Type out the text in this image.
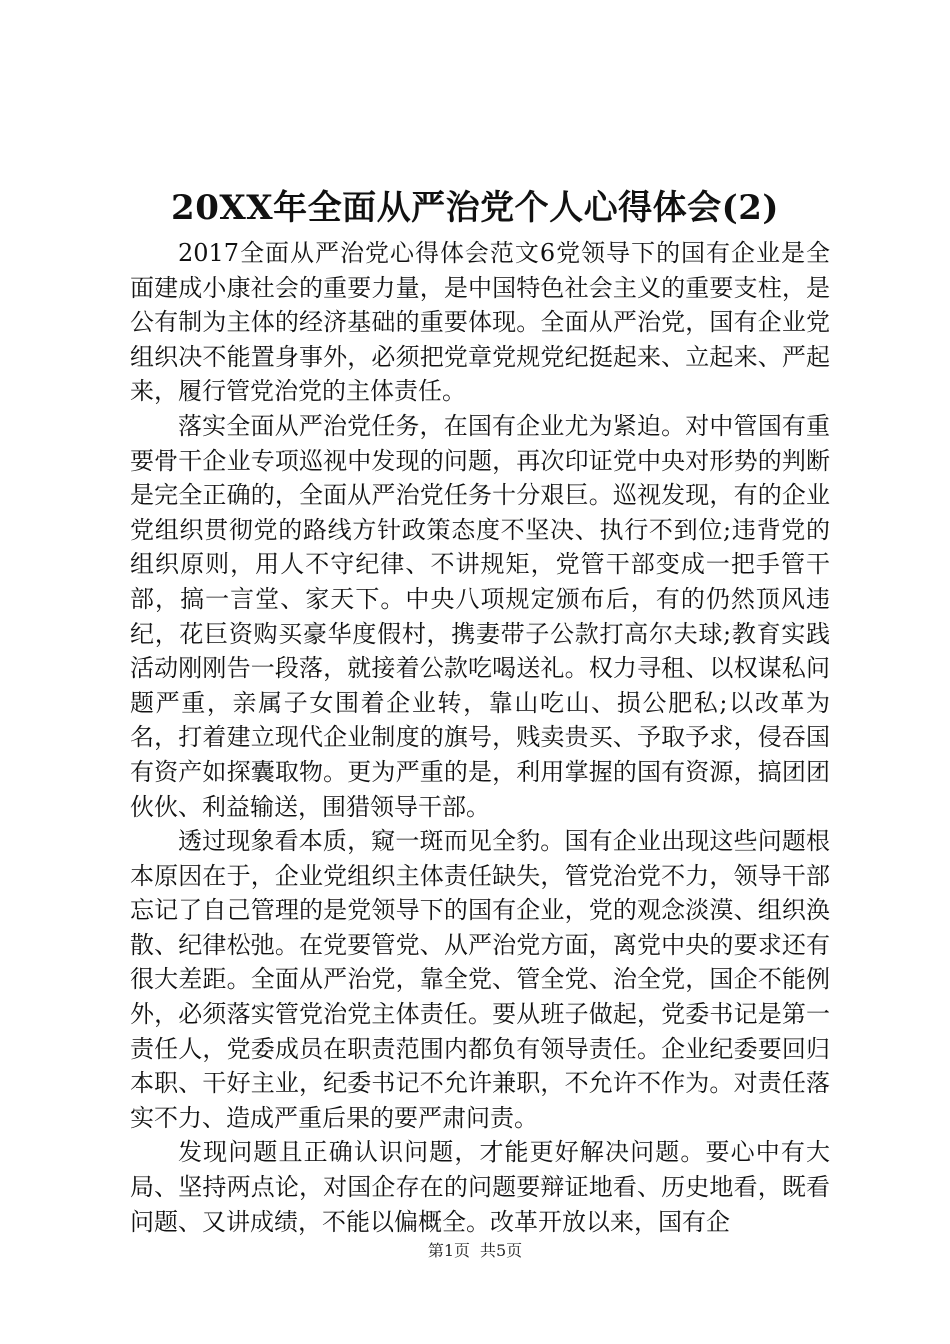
20XX年全面从严治党个人心得体会(2)

2017全面从严治党心得体会范文6党领导下的国有企业是全面建成小康社会的重要力量，是中国特色社会主义的重要支柱，是公有制为主体的经济基础的重要体现。全面从严治党，国有企业党组织决不能置身事外，必须把党章党规党纪挺起来、立起来、严起来，履行管党治党的主体责任。

落实全面从严治党任务，在国有企业尤为紧迫。对中管国有重要骨干企业专项巡视中发现的问题，再次印证党中央对形势的判断是完全正确的，全面从严治党任务十分艰巨。巡视发现，有的企业党组织贯彻党的路线方针政策态度不坚决、执行不到位;违背党的组织原则，用人不守纪律、不讲规矩，党管干部变成一把手管干部，搞一言堂、家天下。中央八项规定颁布后，有的仍然顶风违纪，花巨资购买豪华度假村，携妻带子公款打高尔夫球;教育实践活动刚刚告一段落，就接着公款吃喝送礼。权力寻租、以权谋私问题严重，亲属子女围着企业转，靠山吃山、损公肥私;以改革为名，打着建立现代企业制度的旗号，贱卖贵买、予取予求，侵吞国有资产如探囊取物。更为严重的是，利用掌握的国有资源，搞团团伙伙、利益输送，围猎领导干部。

透过现象看本质，窥一斑而见全豹。国有企业出现这些问题根本原因在于，企业党组织主体责任缺失，管党治党不力，领导干部忘记了自己管理的是党领导下的国有企业，党的观念淡漠、组织涣散、纪律松弛。在党要管党、从严治党方面，离党中央的要求还有很大差距。全面从严治党，靠全党、管全党、治全党，国企不能例外，必须落实管党治党主体责任。要从班子做起，党委书记是第一责任人，党委成员在职责范围内都负有领导责任。企业纪委要回归本职、干好主业，纪委书记不允许兼职，不允许不作为。对责任落实不力、造成严重后果的要严肃问责。

发现问题且正确认识问题，才能更好解决问题。要心中有大局、坚持两点论，对国企存在的问题要辩证地看、历史地看，既看问题、又讲成绩，不能以偏概全。改革开放以来，国有企

第1页 共5页
